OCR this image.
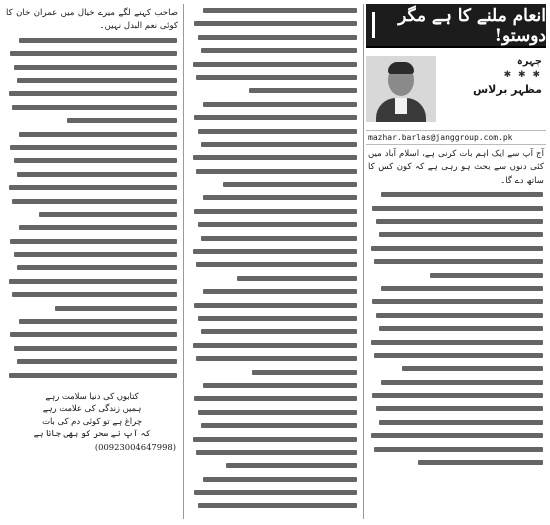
انعام ملنے کا ہے مگر دوستو!
چہرہ
✱ ✱ ✱
مظہر برلاس
mazhar.barlas@janggroup.com.pk
آج آپ سے ایک اہم بات کرنی ہے، اسلام آباد میں کئی دنوں سے بحث ہو رہی ہے کہ کون کس کا ساتھ دے گا۔
صاحب کہنے لگے میرے خیال میں عمران خان کا کوئی نعم البدل نہیں۔
کتابوں کی دنیا سلامت رہے
ہمیں زندگی کی علامت رہے
چراغ ہے تو کوئی دم کی بات
کہ آپ نے سحر کو بھی جانا ہے
(00923004647998)
